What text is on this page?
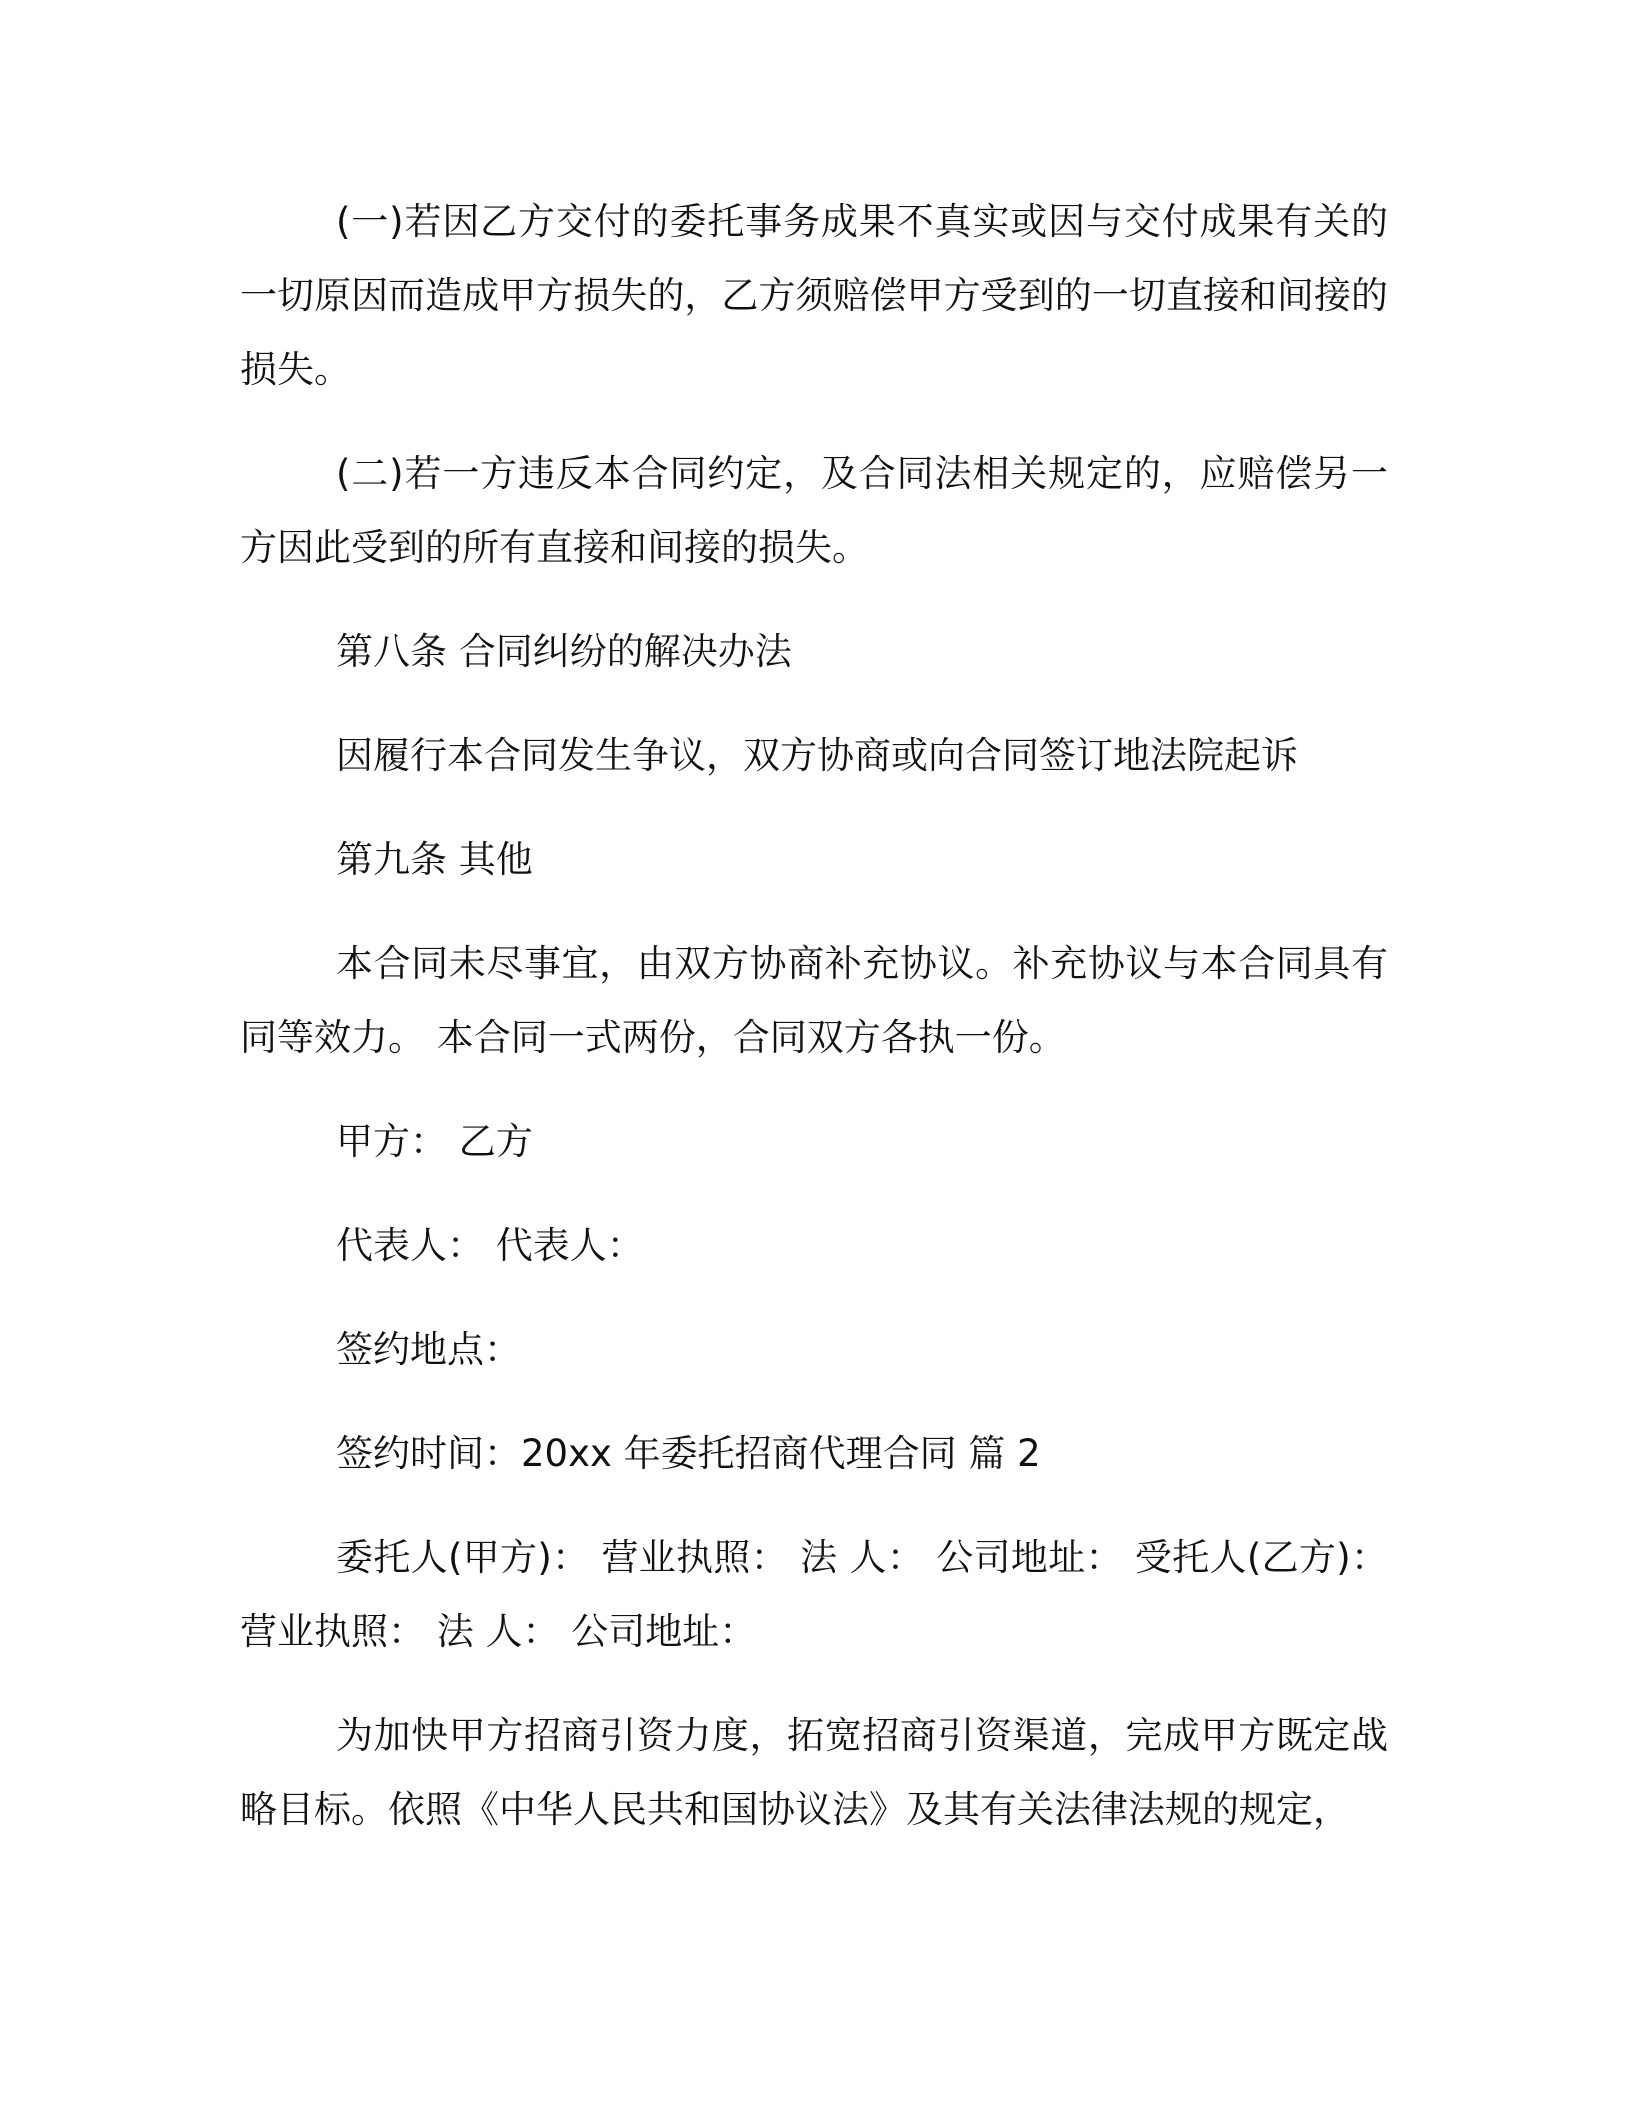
(一)若因乙方交付的委托事务成果不真实或因与交付成果有关的一切原因而造成甲方损失的，乙方须赔偿甲方受到的一切直接和间接的损失。

(二)若一方违反本合同约定，及合同法相关规定的，应赔偿另一方因此受到的所有直接和间接的损失。

第八条 合同纠纷的解决办法

因履行本合同发生争议，双方协商或向合同签订地法院起诉

第九条 其他

本合同未尽事宜，由双方协商补充协议。补充协议与本合同具有同等效力。 本合同一式两份，合同双方各执一份。

甲方： 乙方

代表人： 代表人：

签约地点：

签约时间：20xx 年委托招商代理合同 篇 2

委托人(甲方)： 营业执照： 法 人： 公司地址： 受托人(乙方)：营业执照： 法 人： 公司地址：

为加快甲方招商引资力度，拓宽招商引资渠道，完成甲方既定战略目标。依照《中华人民共和国协议法》及其有关法律法规的规定，
